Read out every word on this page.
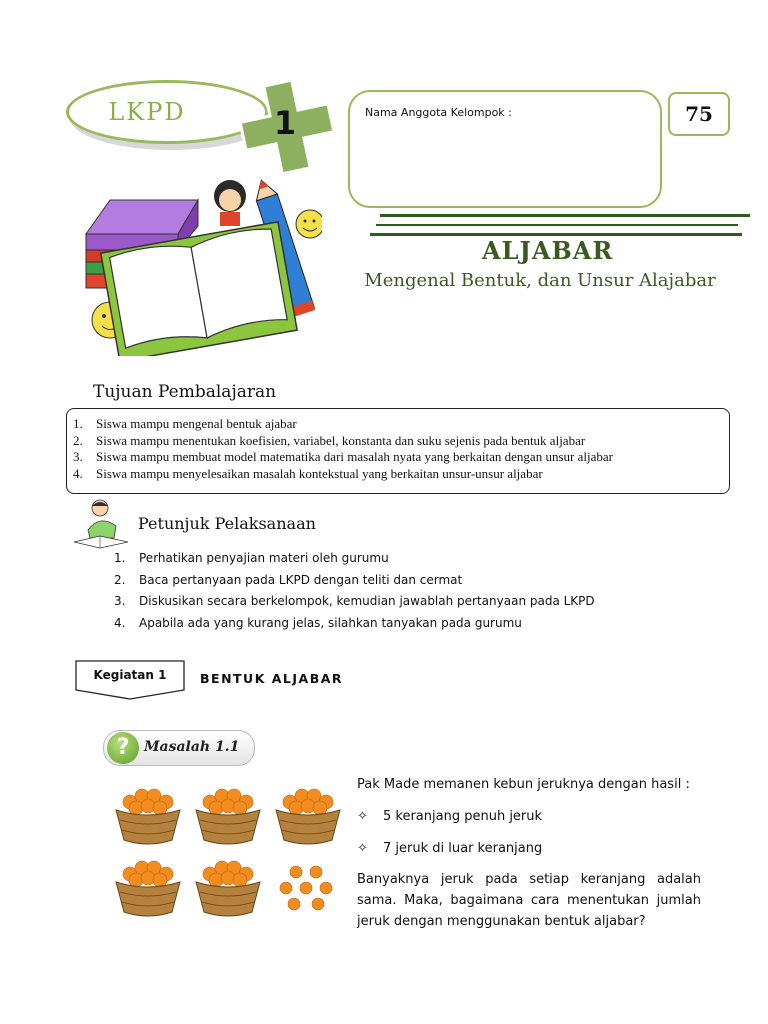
LKPD	1	Nama Anggota Kelompok :	75
ALJABAR
Mengenal Bentuk, dan Unsur Alajabar
Tujuan Pembalajaran
1.	Siswa mampu mengenal bentuk ajabar
2.	Siswa mampu menentukan koefisien, variabel, konstanta dan suku sejenis pada bentuk aljabar
3.	Siswa mampu membuat model matematika dari masalah nyata yang berkaitan dengan unsur aljabar
4.	Siswa mampu menyelesaikan masalah kontekstual yang berkaitan unsur-unsur aljabar
Petunjuk Pelaksanaan
1.	Perhatikan penyajian materi oleh gurumu
2.	Baca pertanyaan pada LKPD dengan teliti dan cermat
3.	Diskusikan secara berkelompok, kemudian jawablah pertanyaan pada LKPD
4.	Apabila ada yang kurang jelas, silahkan tanyakan pada gurumu
Kegiatan 1	BENTUK ALJABAR
?	Masalah 1.1

Pak Made memanen kebun jeruknya dengan hasil :

✧	5 keranjang penuh jeruk
✧	7 jeruk di luar keranjang

Banyaknya jeruk pada setiap keranjang adalah sama. Maka, bagaimana cara menentukan jumlah jeruk dengan menggunakan bentuk aljabar?
